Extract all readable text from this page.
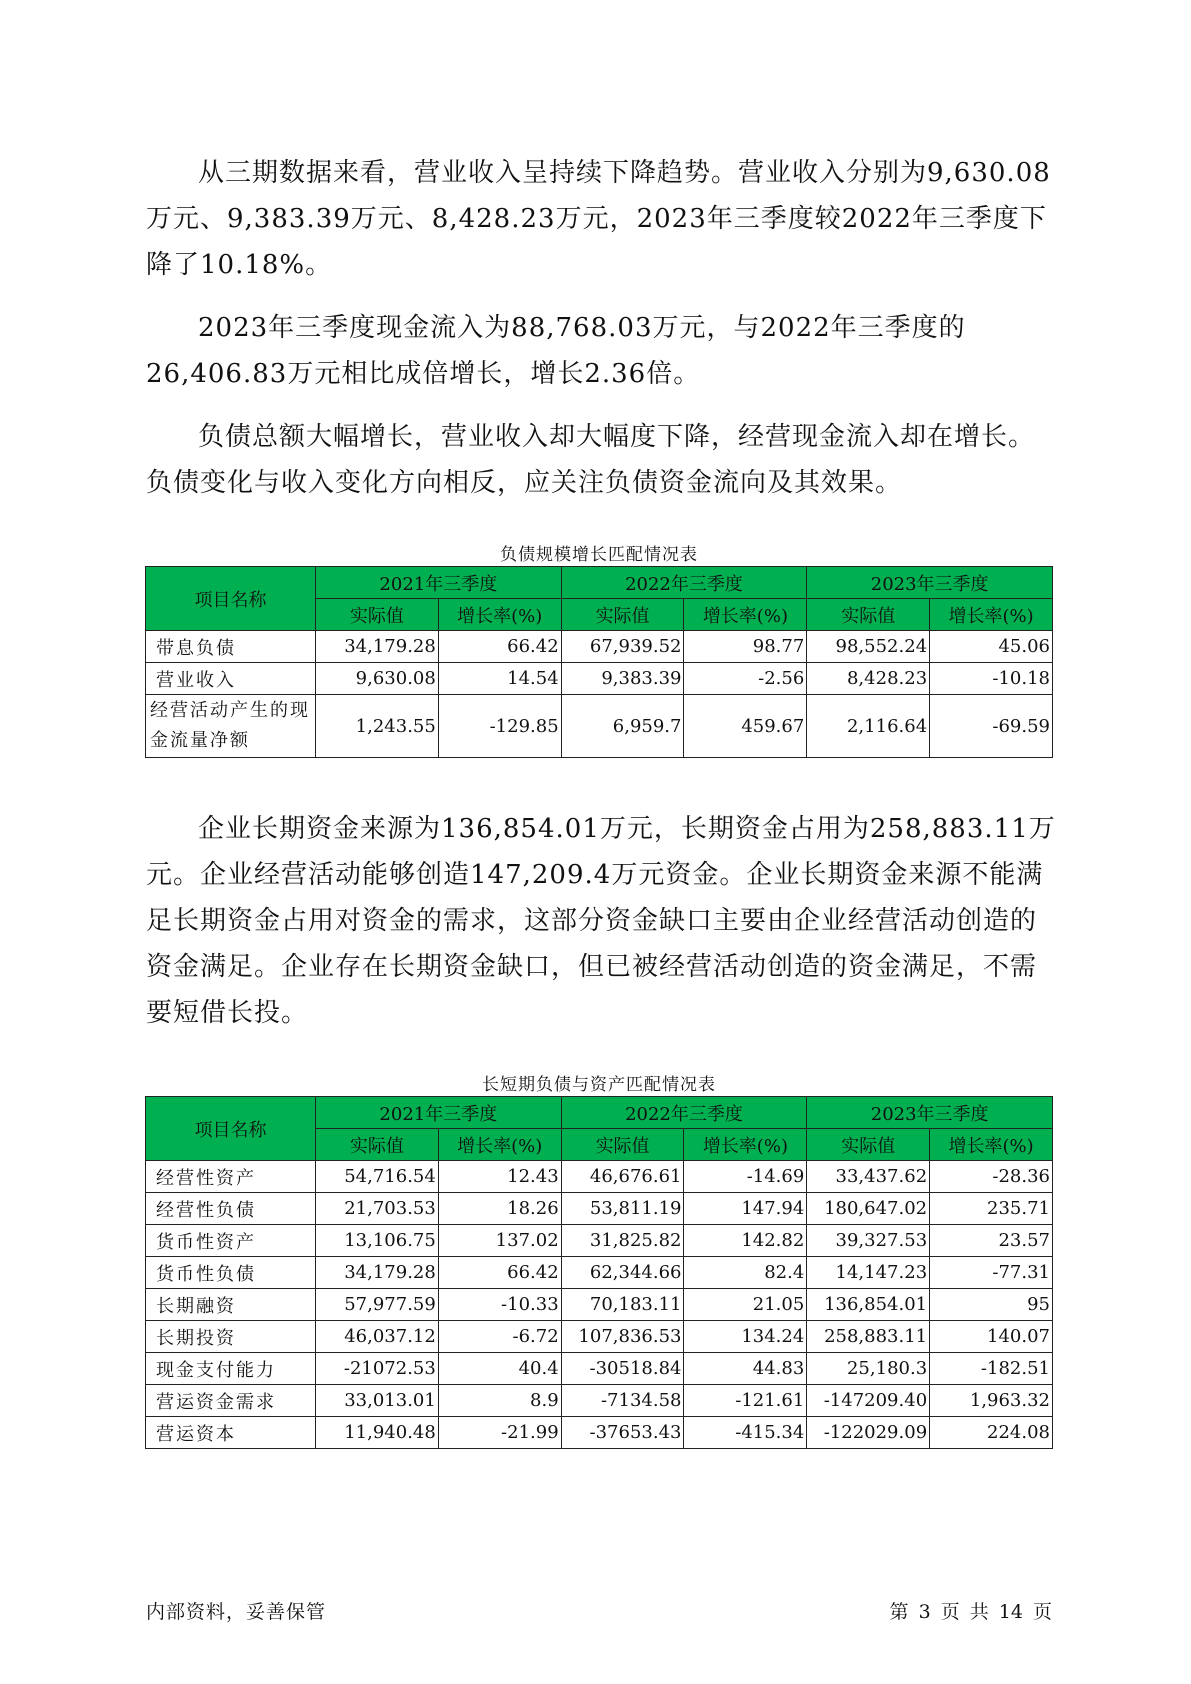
从三期数据来看，营业收入呈持续下降趋势。营业收入分别为9,630.08万元、9,383.39万元、8,428.23万元，2023年三季度较2022年三季度下降了10.18%。

2023年三季度现金流入为88,768.03万元，与2022年三季度的26,406.83万元相比成倍增长，增长2.36倍。

负债总额大幅增长，营业收入却大幅度下降，经营现金流入却在增长。负债变化与收入变化方向相反，应关注负债资金流向及其效果。

负债规模增长匹配情况表
项目名称	2021年三季度		2022年三季度		2023年三季度	
	实际值	增长率(%)	实际值	增长率(%)	实际值	增长率(%)
带息负债	34,179.28	66.42	67,939.52	98.77	98,552.24	45.06
营业收入	9,630.08	14.54	9,383.39	-2.56	8,428.23	-10.18
经营活动产生的现金流量净额	1,243.55	-129.85	6,959.7	459.67	2,116.64	-69.59

企业长期资金来源为136,854.01万元，长期资金占用为258,883.11万元。企业经营活动能够创造147,209.4万元资金。企业长期资金来源不能满足长期资金占用对资金的需求，这部分资金缺口主要由企业经营活动创造的资金满足。企业存在长期资金缺口，但已被经营活动创造的资金满足，不需要短借长投。

长短期负债与资产匹配情况表
项目名称	2021年三季度		2022年三季度		2023年三季度	
	实际值	增长率(%)	实际值	增长率(%)	实际值	增长率(%)
经营性资产	54,716.54	12.43	46,676.61	-14.69	33,437.62	-28.36
经营性负债	21,703.53	18.26	53,811.19	147.94	180,647.02	235.71
货币性资产	13,106.75	137.02	31,825.82	142.82	39,327.53	23.57
货币性负债	34,179.28	66.42	62,344.66	82.4	14,147.23	-77.31
长期融资	57,977.59	-10.33	70,183.11	21.05	136,854.01	95
长期投资	46,037.12	-6.72	107,836.53	134.24	258,883.11	140.07
现金支付能力	-21072.53	40.4	-30518.84	44.83	25,180.3	-182.51
营运资金需求	33,013.01	8.9	-7134.58	-121.61	-147209.40	1,963.32
营运资本	11,940.48	-21.99	-37653.43	-415.34	-122029.09	224.08
内部资料，妥善保管	第 3 页 共 14 页
